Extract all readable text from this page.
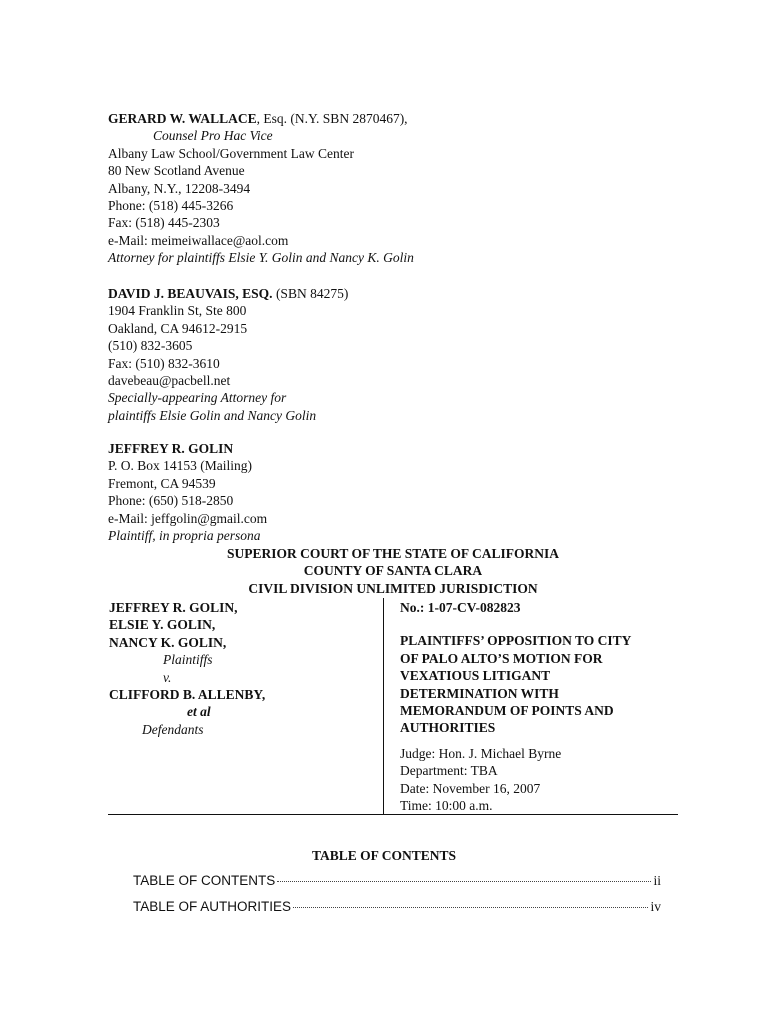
GERARD W. WALLACE, Esq. (N.Y. SBN 2870467),
Counsel Pro Hac Vice
Albany Law School/Government Law Center
80 New Scotland Avenue
Albany, N.Y., 12208-3494
Phone: (518) 445-3266
Fax: (518) 445-2303
e-Mail: meimeiwallace@aol.com
Attorney for plaintiffs Elsie Y. Golin and Nancy K. Golin
DAVID J. BEAUVAIS, ESQ. (SBN 84275)
1904 Franklin St, Ste 800
Oakland, CA 94612-2915
(510) 832-3605
Fax: (510) 832-3610
davebeau@pacbell.net
Specially-appearing Attorney for
plaintiffs Elsie Golin and Nancy Golin
JEFFREY R. GOLIN
P. O. Box 14153 (Mailing)
Fremont, CA 94539
Phone: (650) 518-2850
e-Mail: jeffgolin@gmail.com
Plaintiff, in propria persona
SUPERIOR COURT OF THE STATE OF CALIFORNIA
COUNTY OF SANTA CLARA
CIVIL DIVISION UNLIMITED JURISDICTION
JEFFREY R. GOLIN,
ELSIE Y. GOLIN,
NANCY K. GOLIN,
Plaintiffs
v.
CLIFFORD B. ALLENBY,
et al
Defendants
No.: 1-07-CV-082823
PLAINTIFFS’ OPPOSITION TO CITY
OF PALO ALTO’S MOTION FOR
VEXATIOUS LITIGANT
DETERMINATION WITH
MEMORANDUM OF POINTS AND
AUTHORITIES
Judge: Hon. J. Michael Byrne
Department: TBA
Date: November 16, 2007
Time: 10:00 a.m.
TABLE OF CONTENTS
TABLE OF CONTENTS	ii
TABLE OF AUTHORITIES	iv
